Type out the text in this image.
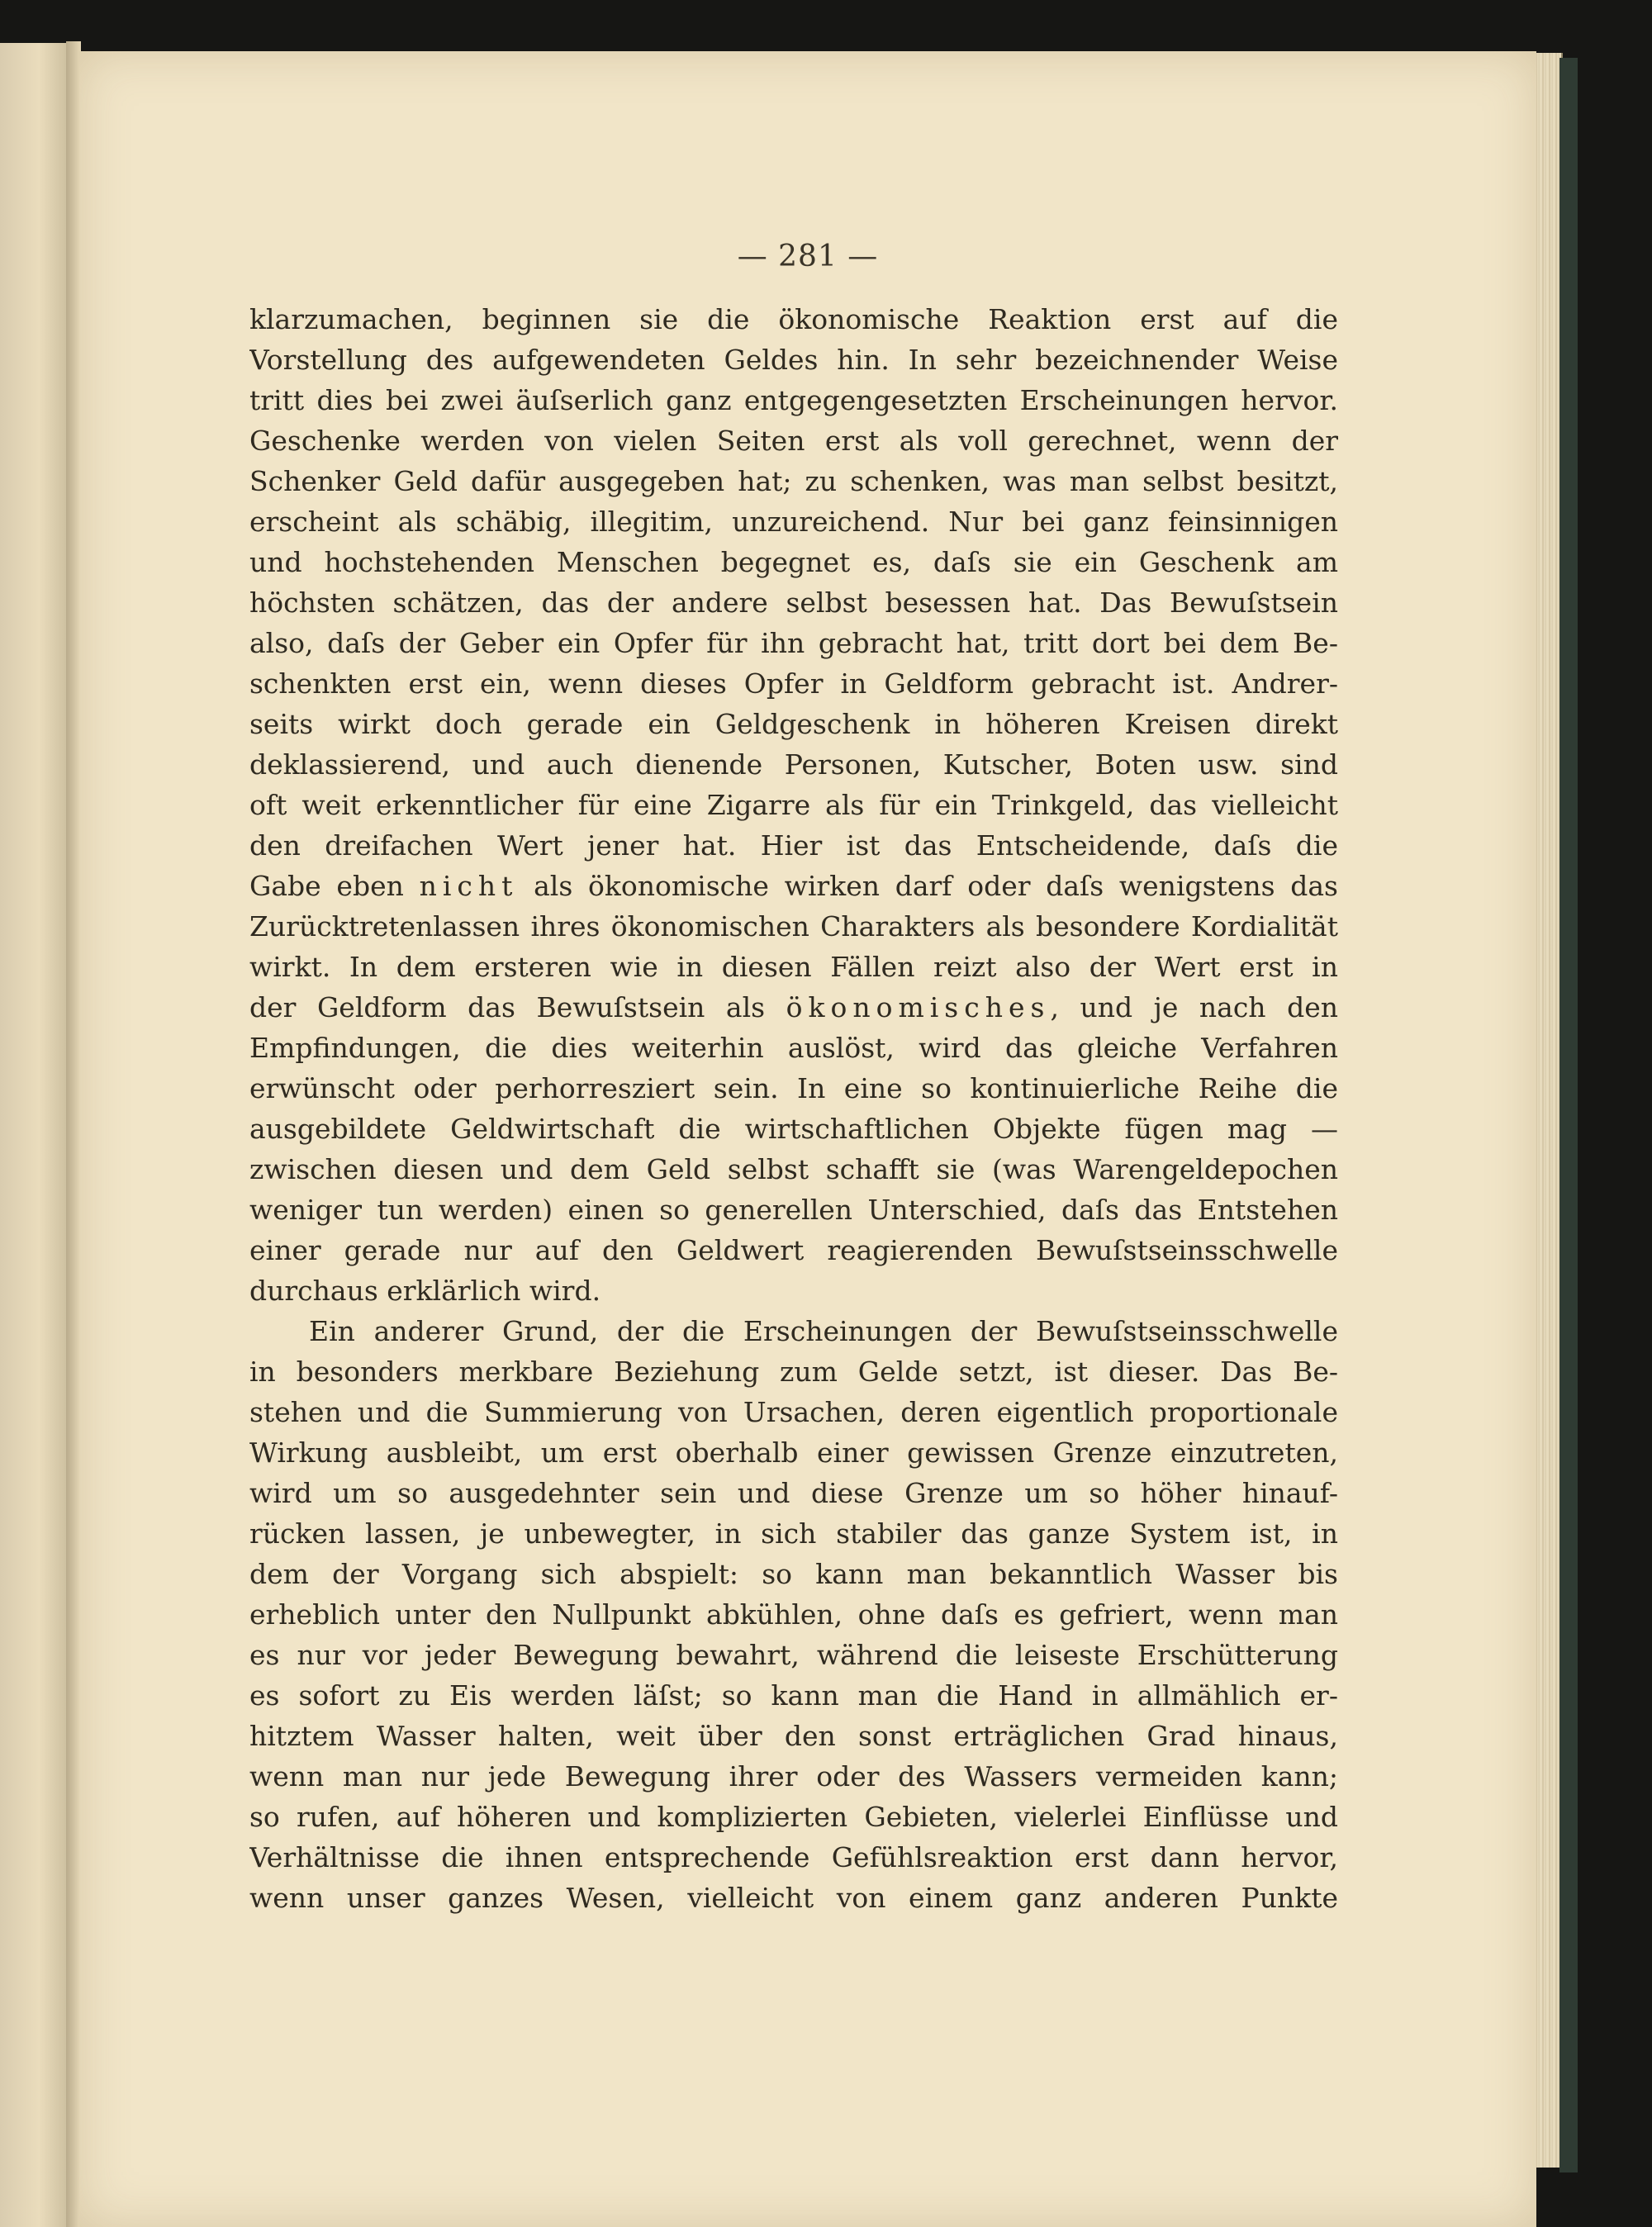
— 281 —
klarzumachen, beginnen sie die ökonomische Reaktion erst auf die
Vorstellung des aufgewendeten Geldes hin. In sehr bezeichnender Weise
tritt dies bei zwei äuſserlich ganz entgegengesetzten Erscheinungen hervor.
Geschenke werden von vielen Seiten erst als voll gerechnet, wenn der
Schenker Geld dafür ausgegeben hat; zu schenken, was man selbst besitzt,
erscheint als schäbig, illegitim, unzureichend. Nur bei ganz feinsinnigen
und hochstehenden Menschen begegnet es, daſs sie ein Geschenk am
höchsten schätzen, das der andere selbst besessen hat. Das Bewuſstsein
also, daſs der Geber ein Opfer für ihn gebracht hat, tritt dort bei dem Be-
schenkten erst ein, wenn dieses Opfer in Geldform gebracht ist. Andrer-
seits wirkt doch gerade ein Geldgeschenk in höheren Kreisen direkt
deklassierend, und auch dienende Personen, Kutscher, Boten usw. sind
oft weit erkenntlicher für eine Zigarre als für ein Trinkgeld, das vielleicht
den dreifachen Wert jener hat. Hier ist das Entscheidende, daſs die
Gabe eben nicht als ökonomische wirken darf oder daſs wenigstens das
Zurücktretenlassen ihres ökonomischen Charakters als besondere Kordialität
wirkt. In dem ersteren wie in diesen Fällen reizt also der Wert erst in
der Geldform das Bewuſstsein als ökonomisches, und je nach den
Empfindungen, die dies weiterhin auslöst, wird das gleiche Verfahren
erwünscht oder perhorresziert sein. In eine so kontinuierliche Reihe die
ausgebildete Geldwirtschaft die wirtschaftlichen Objekte fügen mag —
zwischen diesen und dem Geld selbst schafft sie (was Warengeldepochen
weniger tun werden) einen so generellen Unterschied, daſs das Entstehen
einer gerade nur auf den Geldwert reagierenden Bewuſstseinsschwelle
durchaus erklärlich wird.
Ein anderer Grund, der die Erscheinungen der Bewuſstseinsschwelle
in besonders merkbare Beziehung zum Gelde setzt, ist dieser. Das Be-
stehen und die Summierung von Ursachen, deren eigentlich proportionale
Wirkung ausbleibt, um erst oberhalb einer gewissen Grenze einzutreten,
wird um so ausgedehnter sein und diese Grenze um so höher hinauf-
rücken lassen, je unbewegter, in sich stabiler das ganze System ist, in
dem der Vorgang sich abspielt: so kann man bekanntlich Wasser bis
erheblich unter den Nullpunkt abkühlen, ohne daſs es gefriert, wenn man
es nur vor jeder Bewegung bewahrt, während die leiseste Erschütterung
es sofort zu Eis werden läſst; so kann man die Hand in allmählich er-
hitztem Wasser halten, weit über den sonst erträglichen Grad hinaus,
wenn man nur jede Bewegung ihrer oder des Wassers vermeiden kann;
so rufen, auf höheren und komplizierten Gebieten, vielerlei Einflüsse und
Verhältnisse die ihnen entsprechende Gefühlsreaktion erst dann hervor,
wenn unser ganzes Wesen, vielleicht von einem ganz anderen Punkte
